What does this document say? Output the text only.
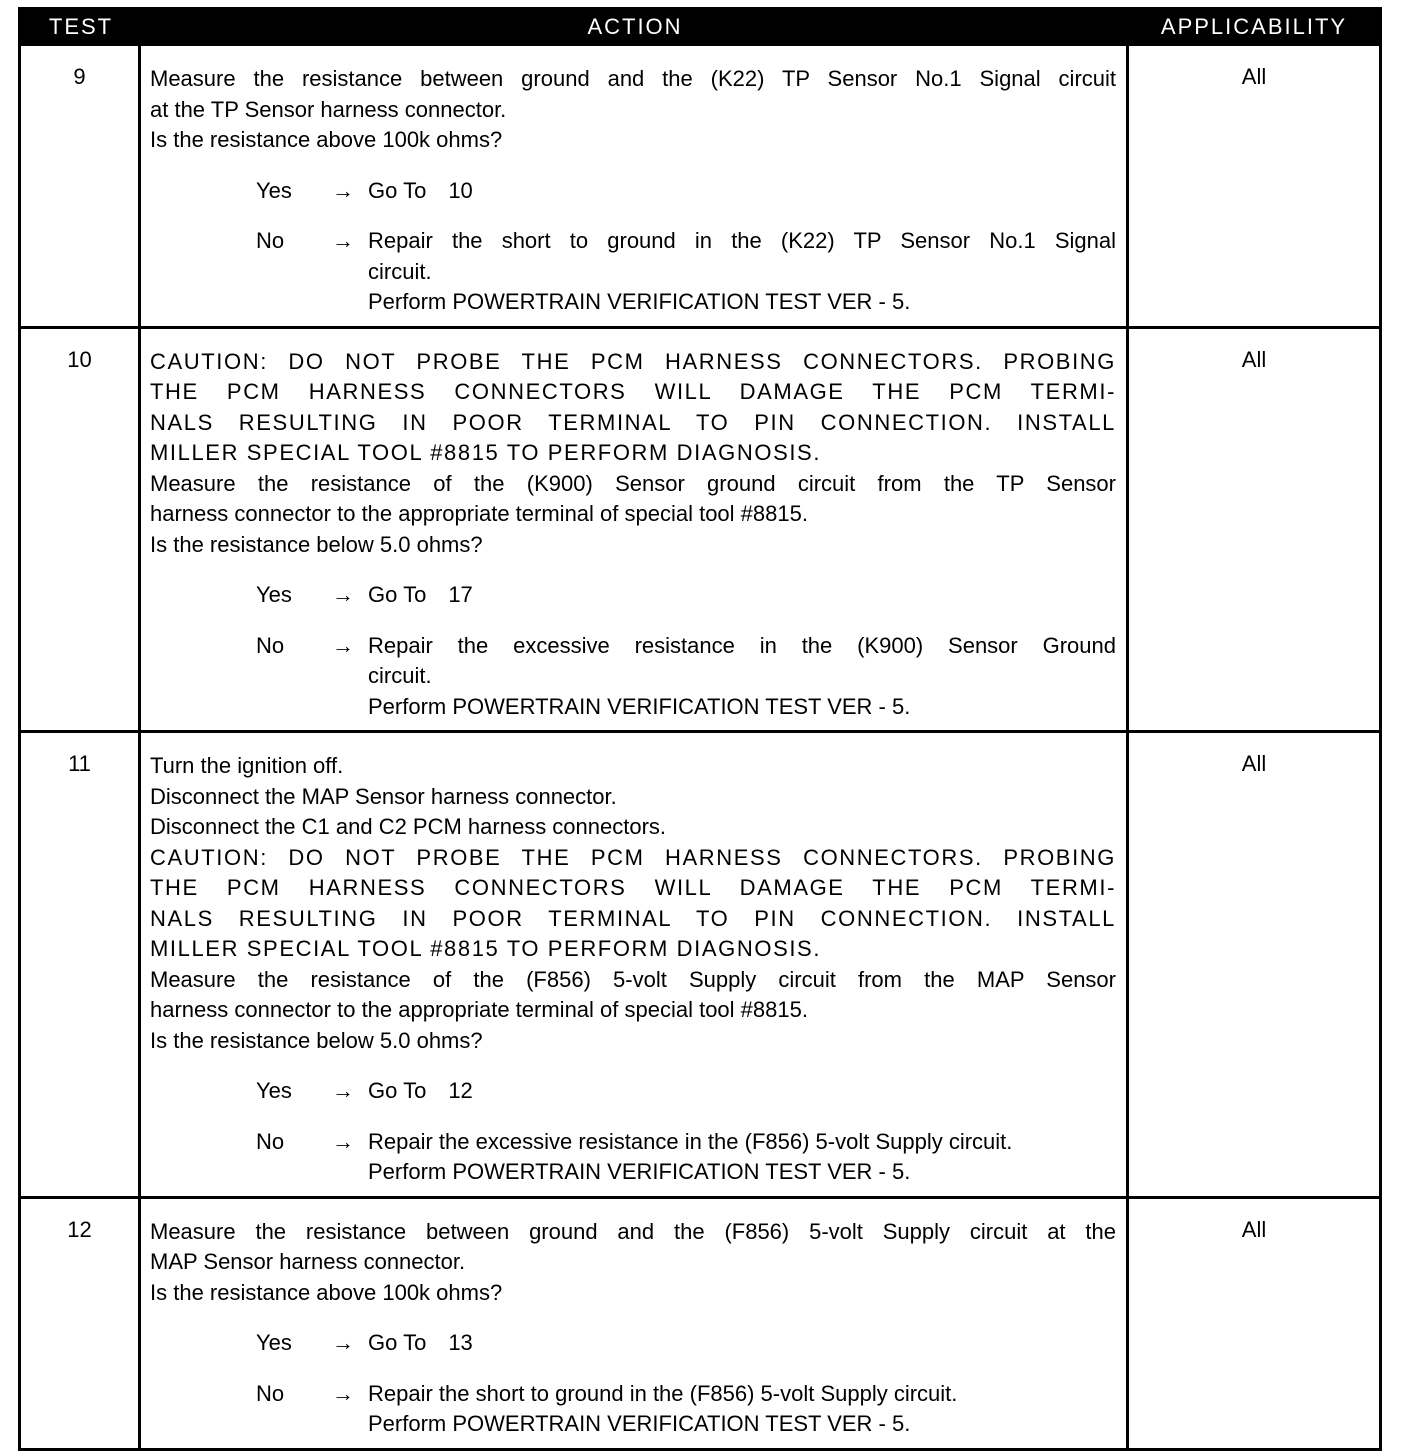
TEST	ACTION	APPLICABILITY
9	Measure the resistance between ground and the (K22) TP Sensor No.1 Signal circuit
at the TP Sensor harness connector.
Is the resistance above 100k ohms?
Yes	→ Go To 10
No	→ Repair the short to ground in the (K22) TP Sensor No.1 Signal
circuit.
Perform POWERTRAIN VERIFICATION TEST VER - 5.
All
10	CAUTION: DO NOT PROBE THE PCM HARNESS CONNECTORS. PROBING
THE PCM HARNESS CONNECTORS WILL DAMAGE THE PCM TERMI-
NALS RESULTING IN POOR TERMINAL TO PIN CONNECTION. INSTALL
MILLER SPECIAL TOOL #8815 TO PERFORM DIAGNOSIS.
Measure the resistance of the (K900) Sensor ground circuit from the TP Sensor
harness connector to the appropriate terminal of special tool #8815.
Is the resistance below 5.0 ohms?
Yes	→ Go To 17
No	→ Repair the excessive resistance in the (K900) Sensor Ground
circuit.
Perform POWERTRAIN VERIFICATION TEST VER - 5.
All
11	Turn the ignition off.
Disconnect the MAP Sensor harness connector.
Disconnect the C1 and C2 PCM harness connectors.
CAUTION: DO NOT PROBE THE PCM HARNESS CONNECTORS. PROBING
THE PCM HARNESS CONNECTORS WILL DAMAGE THE PCM TERMI-
NALS RESULTING IN POOR TERMINAL TO PIN CONNECTION. INSTALL
MILLER SPECIAL TOOL #8815 TO PERFORM DIAGNOSIS.
Measure the resistance of the (F856) 5-volt Supply circuit from the MAP Sensor
harness connector to the appropriate terminal of special tool #8815.
Is the resistance below 5.0 ohms?
Yes	→ Go To 12
No	→ Repair the excessive resistance in the (F856) 5-volt Supply circuit.
Perform POWERTRAIN VERIFICATION TEST VER - 5.
All
12	Measure the resistance between ground and the (F856) 5-volt Supply circuit at the
MAP Sensor harness connector.
Is the resistance above 100k ohms?
Yes	→ Go To 13
No	→ Repair the short to ground in the (F856) 5-volt Supply circuit.
Perform POWERTRAIN VERIFICATION TEST VER - 5.
All
